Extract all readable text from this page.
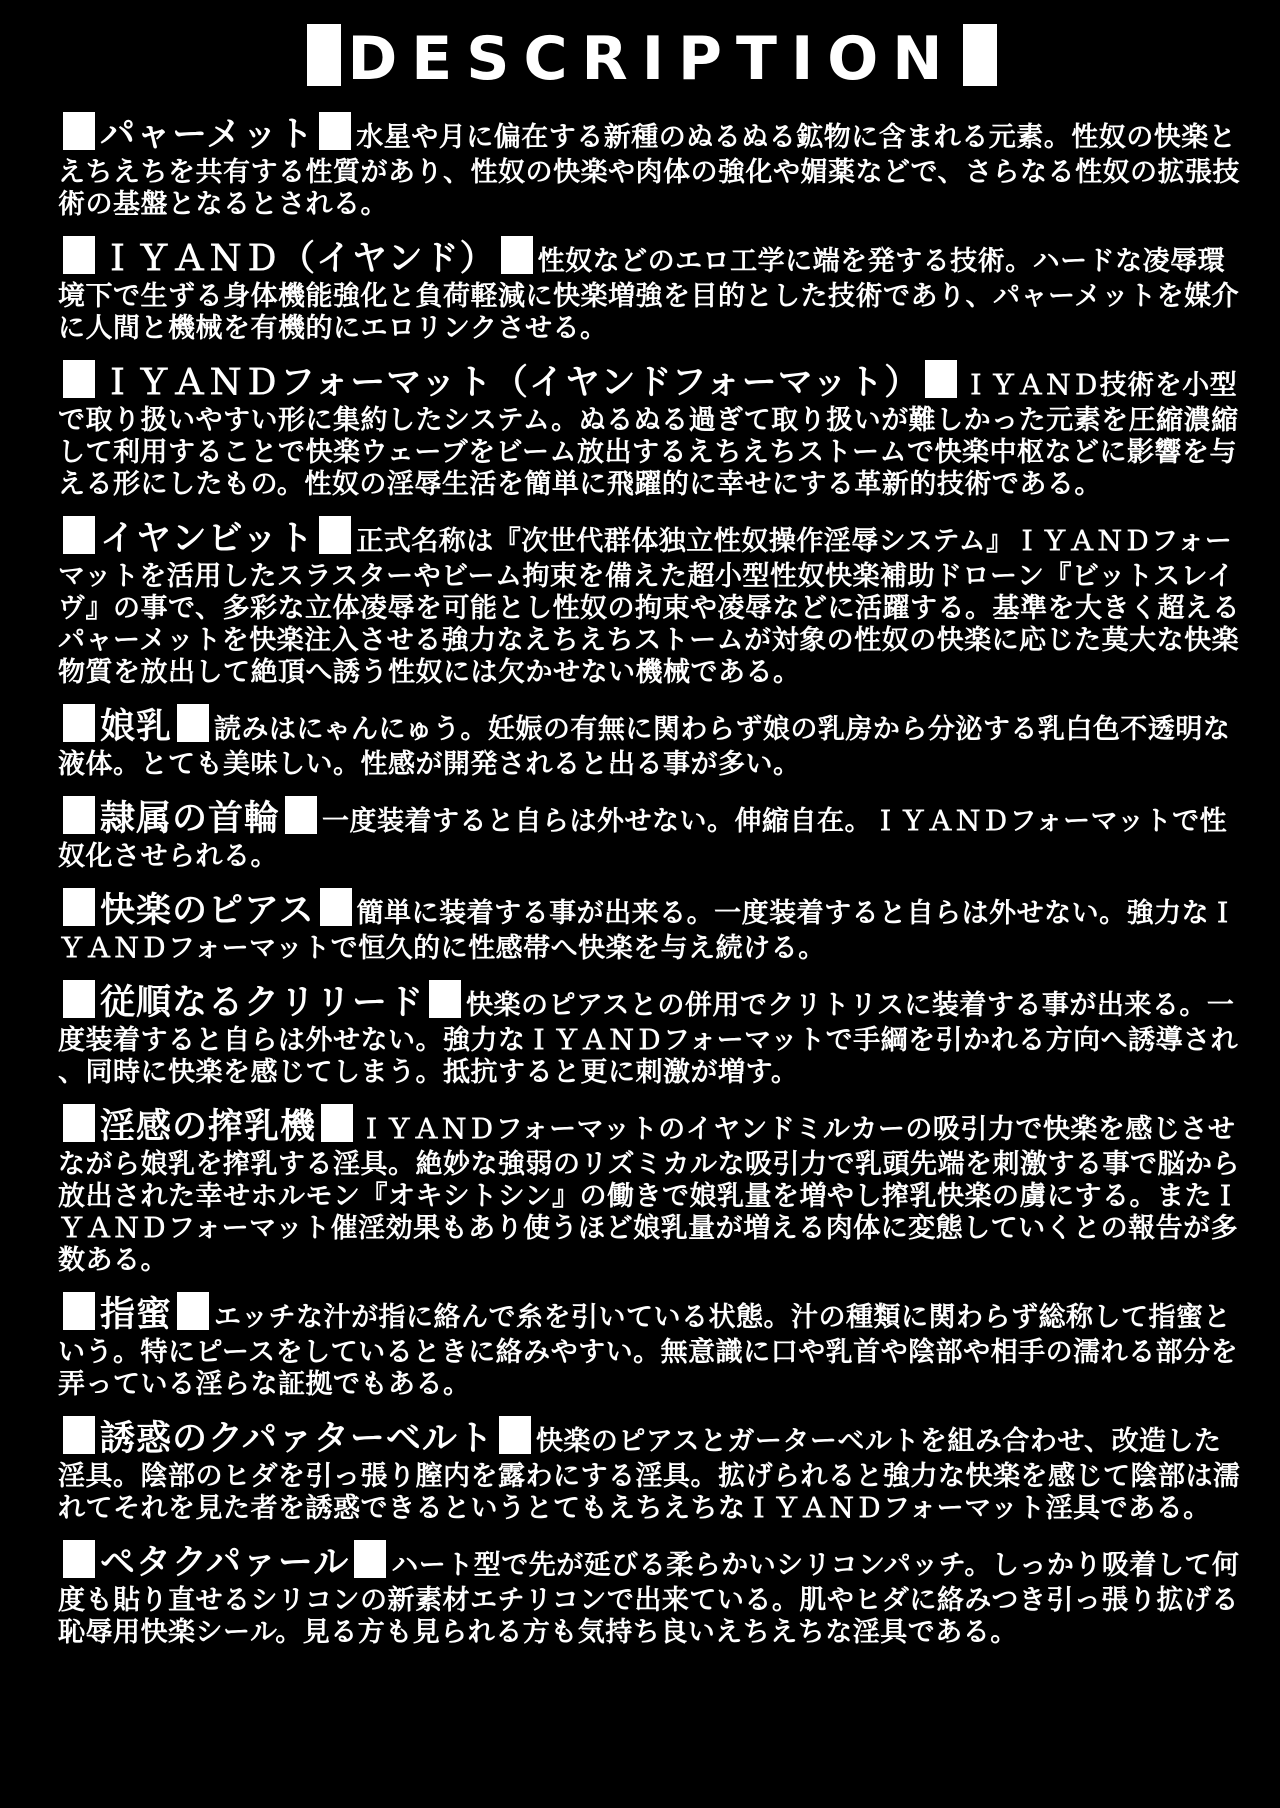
DESCRIPTION

パャーメット 水星や月に偏在する新種のぬるぬる鉱物に含まれる元素。性奴の快楽とえちえちを共有する性質があり、性奴の快楽や肉体の強化や媚薬などで、さらなる性奴の拡張技術の基盤となるとされる。

ＩＹＡＮＤ（イヤンド） 性奴などのエロ工学に端を発する技術。ハードな凌辱環境下で生ずる身体機能強化と負荷軽減に快楽増強を目的とした技術であり、パャーメットを媒介に人間と機械を有機的にエロリンクさせる。

ＩＹＡＮＤフォーマット（イヤンドフォーマット） ＩＹＡＮＤ技術を小型で取り扱いやすい形に集約したシステム。ぬるぬる過ぎて取り扱いが難しかった元素を圧縮濃縮して利用することで快楽ウェーブをビーム放出するえちえちストームで快楽中枢などに影響を与える形にしたもの。性奴の淫辱生活を簡単に飛躍的に幸せにする革新的技術である。

イヤンビット 正式名称は『次世代群体独立性奴操作淫辱システム』ＩＹＡＮＤフォーマットを活用したスラスターやビーム拘束を備えた超小型性奴快楽補助ドローン『ビットスレイヴ』の事で、多彩な立体凌辱を可能とし性奴の拘束や凌辱などに活躍する。基準を大きく超えるパャーメットを快楽注入させる強力なえちえちストームが対象の性奴の快楽に応じた莫大な快楽物質を放出して絶頂へ誘う性奴には欠かせない機械である。

娘乳 読みはにゃんにゅう。妊娠の有無に関わらず娘の乳房から分泌する乳白色不透明な液体。とても美味しい。性感が開発されると出る事が多い。

隷属の首輪 一度装着すると自らは外せない。伸縮自在。ＩＹＡＮＤフォーマットで性奴化させられる。

快楽のピアス 簡単に装着する事が出来る。一度装着すると自らは外せない。強力なＩＹＡＮＤフォーマットで恒久的に性感帯へ快楽を与え続ける。

従順なるクリリード 快楽のピアスとの併用でクリトリスに装着する事が出来る。一度装着すると自らは外せない。強力なＩＹＡＮＤフォーマットで手綱を引かれる方向へ誘導され、同時に快楽を感じてしまう。抵抗すると更に刺激が増す。

淫感の搾乳機 ＩＹＡＮＤフォーマットのイヤンドミルカーの吸引力で快楽を感じさせながら娘乳を搾乳する淫具。絶妙な強弱のリズミカルな吸引力で乳頭先端を刺激する事で脳から放出された幸せホルモン『オキシトシン』の働きで娘乳量を増やし搾乳快楽の虜にする。またＩＹＡＮＤフォーマット催淫効果もあり使うほど娘乳量が増える肉体に変態していくとの報告が多数ある。

指蜜 エッチな汁が指に絡んで糸を引いている状態。汁の種類に関わらず総称して指蜜という。特にピースをしているときに絡みやすい。無意識に口や乳首や陰部や相手の濡れる部分を弄っている淫らな証拠でもある。

誘惑のクパァターベルト 快楽のピアスとガーターベルトを組み合わせ、改造した淫具。陰部のヒダを引っ張り膣内を露わにする淫具。拡げられると強力な快楽を感じて陰部は濡れてそれを見た者を誘惑できるというとてもえちえちなＩＹＡＮＤフォーマット淫具である。

ペタクパァール ハート型で先が延びる柔らかいシリコンパッチ。しっかり吸着して何度も貼り直せるシリコンの新素材エチリコンで出来ている。肌やヒダに絡みつき引っ張り拡げる恥辱用快楽シール。見る方も見られる方も気持ち良いえちえちな淫具である。
